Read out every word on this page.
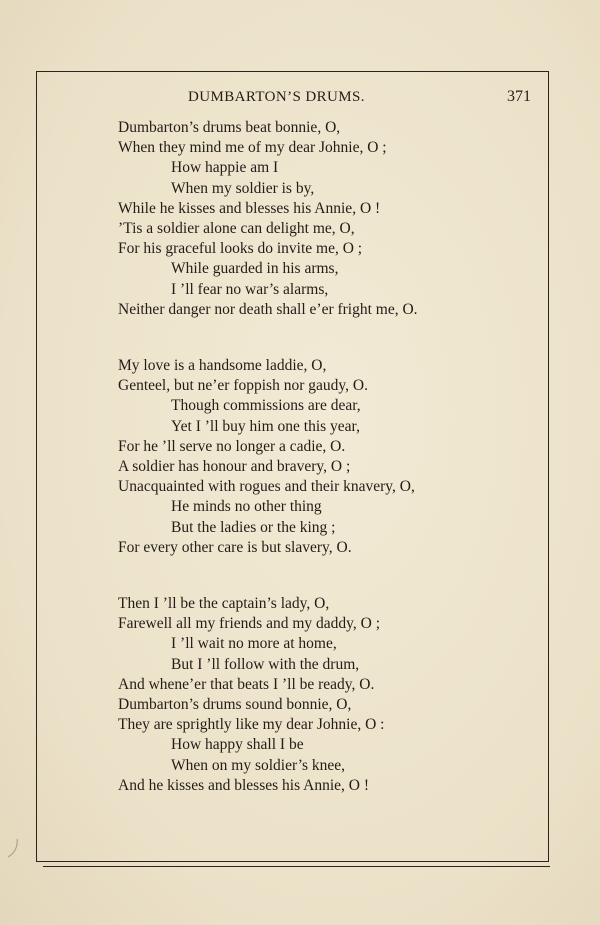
DUMBARTON’S DRUMS.	371
Dumbarton’s drums beat bonnie, O,
When they mind me of my dear Johnie, O ;
How happie am I
When my soldier is by,
While he kisses and blesses his Annie, O !
’Tis a soldier alone can delight me, O,
For his graceful looks do invite me, O ;
While guarded in his arms,
I ’ll fear no war’s alarms,
Neither danger nor death shall e’er fright me, O.
My love is a handsome laddie, O,
Genteel, but ne’er foppish nor gaudy, O.
Though commissions are dear,
Yet I ’ll buy him one this year,
For he ’ll serve no longer a cadie, O.
A soldier has honour and bravery, O ;
Unacquainted with rogues and their knavery, O,
He minds no other thing
But the ladies or the king ;
For every other care is but slavery, O.
Then I ’ll be the captain’s lady, O,
Farewell all my friends and my daddy, O ;
I ’ll wait no more at home,
But I ’ll follow with the drum,
And whene’er that beats I ’ll be ready, O.
Dumbarton’s drums sound bonnie, O,
They are sprightly like my dear Johnie, O :
How happy shall I be
When on my soldier’s knee,
And he kisses and blesses his Annie, O !
